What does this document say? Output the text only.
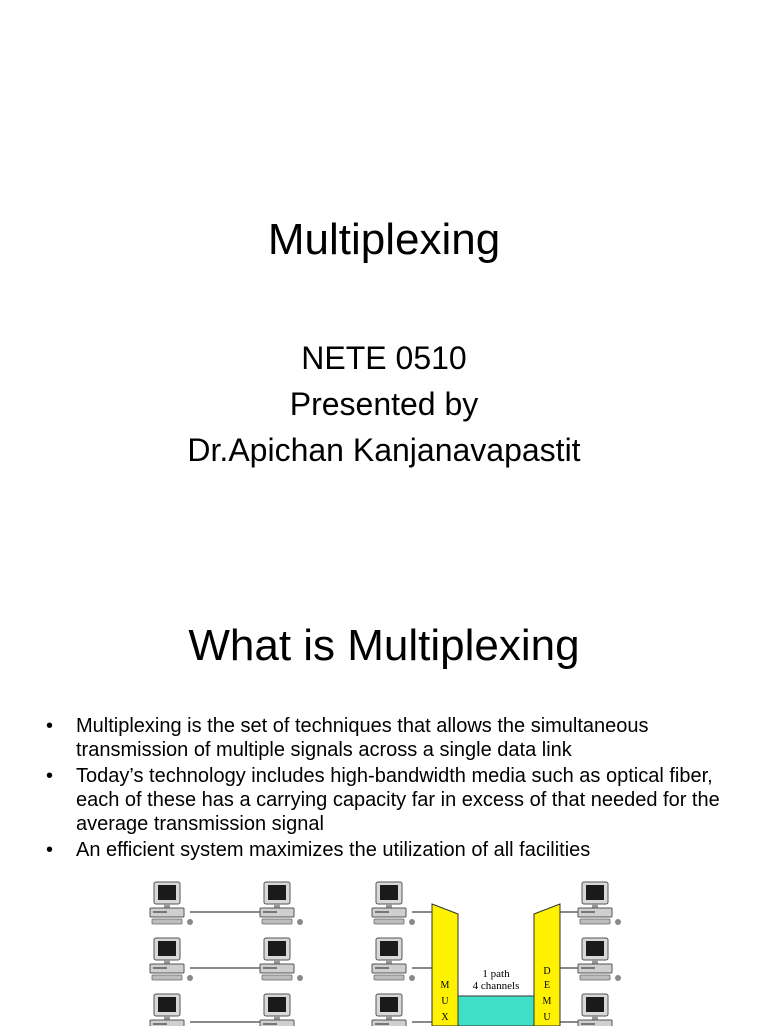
Multiplexing
NETE 0510
Presented by
Dr.Apichan Kanjanavapastit
What is Multiplexing
• Multiplexing is the set of techniques that allows the simultaneous transmission of multiple signals across a single data link
• Today’s technology includes high-bandwidth media such as optical fiber, each of these has a carrying capacity far in excess of that needed for the average transmission signal
• An efficient system maximizes the utilization of all facilities
1 path
4 channels
M
U
X
D
E
M
U
